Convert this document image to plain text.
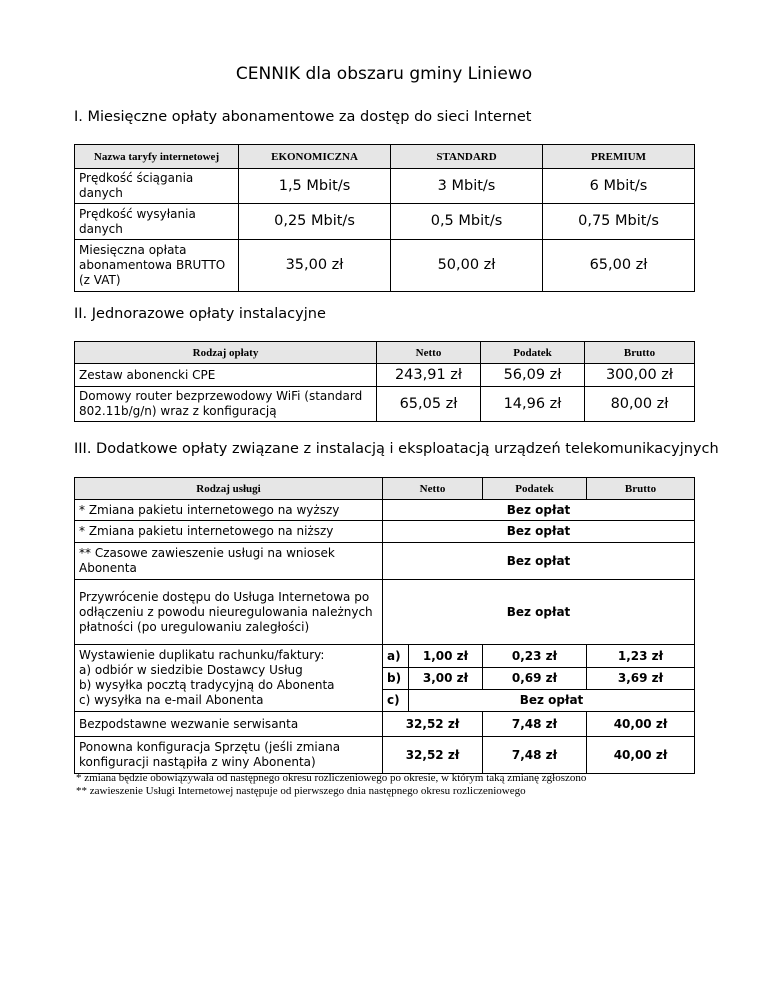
CENNIK dla obszaru gminy Liniewo
I. Miesięczne opłaty abonamentowe za dostęp do sieci Internet
Nazwa taryfy internetowej	EKONOMICZNA	STANDARD	PREMIUM
Prędkość ściągania danych	1,5 Mbit/s	3 Mbit/s	6 Mbit/s
Prędkość wysyłania danych	0,25 Mbit/s	0,5 Mbit/s	0,75 Mbit/s
Miesięczna opłata abonamentowa BRUTTO (z VAT)	35,00 zł	50,00 zł	65,00 zł
II. Jednorazowe opłaty instalacyjne
Rodzaj opłaty	Netto	Podatek	Brutto
Zestaw abonencki CPE	243,91 zł	56,09 zł	300,00 zł
Domowy router bezprzewodowy WiFi (standard 802.11b/g/n) wraz z konfiguracją	65,05 zł	14,96 zł	80,00 zł
III. Dodatkowe opłaty związane z instalacją i eksploatacją urządzeń telekomunikacyjnych
Rodzaj usługi	Netto		Podatek	Brutto
* Zmiana pakietu internetowego na wyższy	Bez opłat			
* Zmiana pakietu internetowego na niższy	Bez opłat			
** Czasowe zawieszenie usługi na wniosek Abonenta	Bez opłat			
Przywrócenie dostępu do Usługa Internetowa po odłączeniu z powodu nieuregulowania należnych płatności (po uregulowaniu zaległości)	Bez opłat			

Wystawienie duplikatu rachunku/faktury:
a) odbiór w siedzibie Dostawcy Usług
b) wysyłka pocztą tradycyjną do Abonenta
c) wysyłka na e-mail Abonenta	a)	1,00 zł	0,23 zł	1,23 zł
	b)	3,00 zł	0,69 zł	3,69 zł
	c)	Bez opłat		
Bezpodstawne wezwanie serwisanta	32,52 zł		7,48 zł	40,00 zł
Ponowna konfiguracja Sprzętu (jeśli zmiana konfiguracji nastąpiła z winy Abonenta)	32,52 zł		7,48 zł	40,00 zł
* zmiana będzie obowiązywała od następnego okresu rozliczeniowego po okresie, w którym taką zmianę zgłoszono
** zawieszenie Usługi Internetowej następuje od pierwszego dnia następnego okresu rozliczeniowego
